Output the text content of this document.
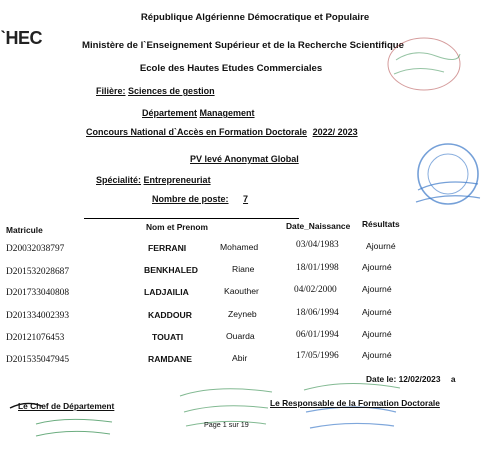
ˋHEC
République Algérienne Démocratique et Populaire
Ministère de l`Enseignement Supérieur et de la Recherche Scientifique
Ecole des Hautes Etudes Commerciales
Filière: Sciences de gestion
Département Management
Concours National d`Accès en Formation Doctorale 2022/ 2023
PV levé Anonymat Global
Spécialité: Entrepreneuriat
Nombre de poste: 7
Matricule	Nom et Prenom	Date_Naissance Résultats
D20032038797	FERRANI	Mohamed	03/04/1983	Ajourné
D201532028687	BENKHALED	Riane	18/01/1998	Ajourné
D201733040808	LADJAILIA	Kaouther	04/02/2000	Ajourné
D201334002393	KADDOUR	Zeyneb	18/06/1994	Ajourné
D20121076453	TOUATI	Ouarda	06/01/1994	Ajourné
D201535047945	RAMDANE	Abir	17/05/1996	Ajourné
Date le: 12/02/2023 a
Le Chef de Département	Le Responsable de la Formation Doctorale
Page 1 sur 19
